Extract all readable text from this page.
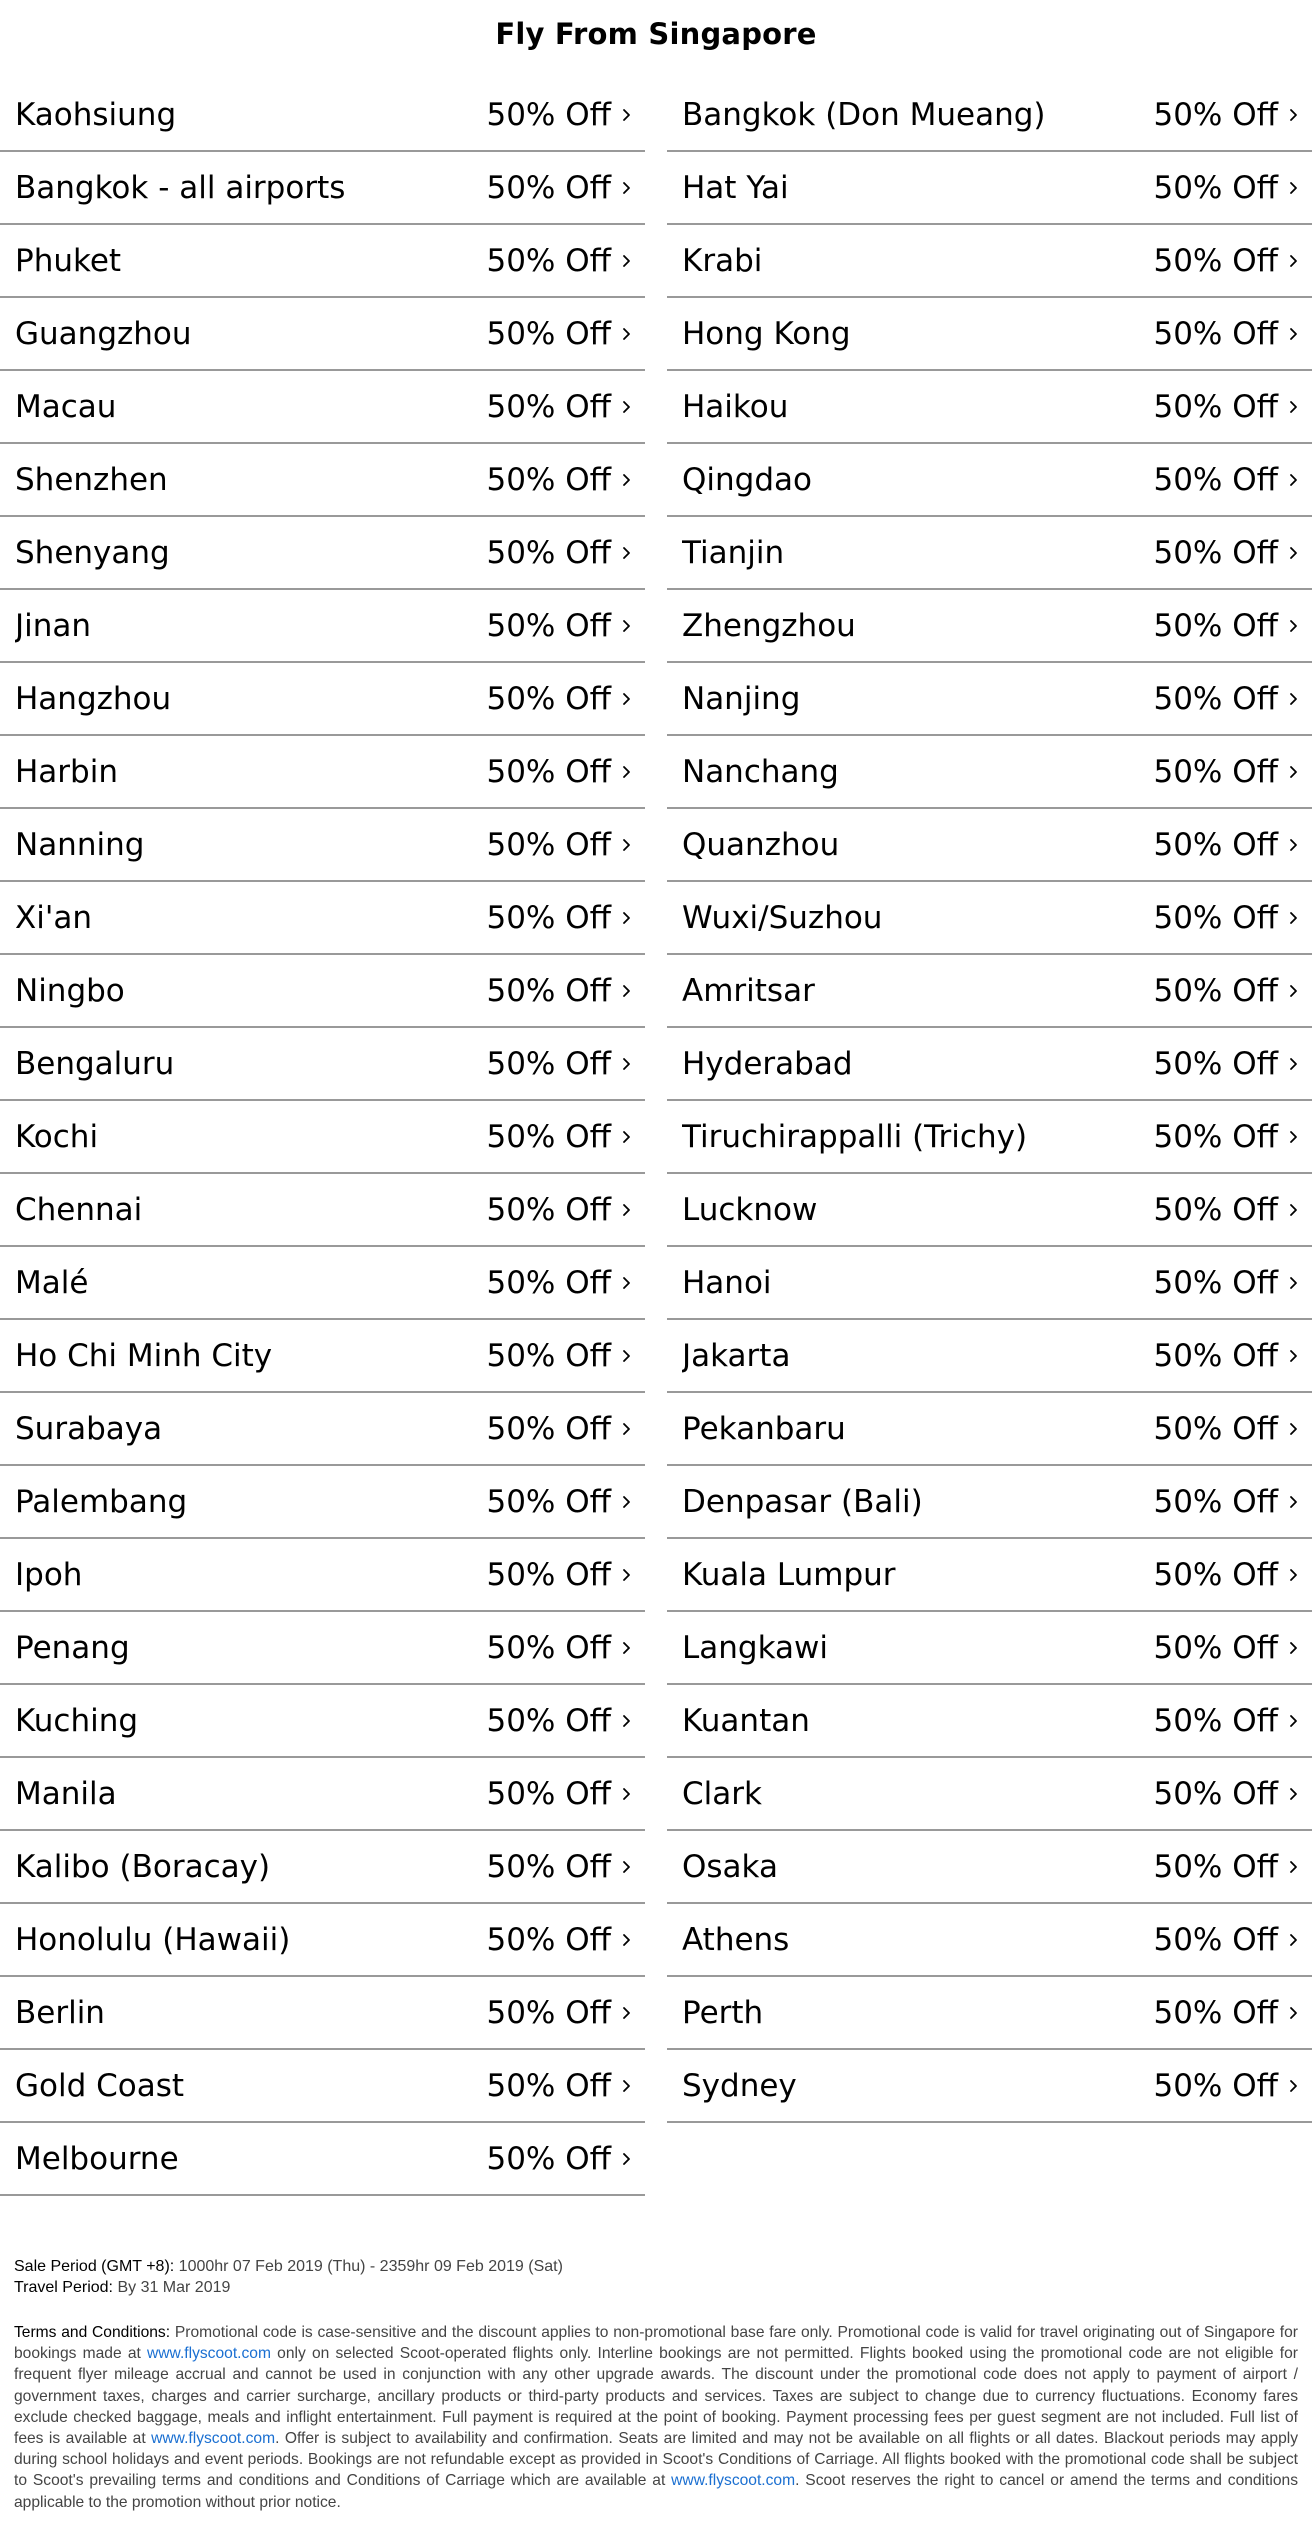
Fly From Singapore
Kaohsiung	50% Off Bangkok (Don Mueang)	50% Off
Bangkok - all airports	50% Off Hat Yai	50% Off
Phuket	50% Off Krabi	50% Off
Guangzhou	50% Off Hong Kong	50% Off
Macau	50% Off Haikou	50% Off
Shenzhen	50% Off Qingdao	50% Off
Shenyang	50% Off Tianjin	50% Off
Jinan	50% Off Zhengzhou	50% Off
Hangzhou	50% Off Nanjing	50% Off
Harbin	50% Off Nanchang	50% Off
Nanning	50% Off Quanzhou	50% Off
Xi'an	50% Off Wuxi/Suzhou	50% Off
Ningbo	50% Off Amritsar	50% Off
Bengaluru	50% Off Hyderabad	50% Off
Kochi	50% Off Tiruchirappalli (Trichy)	50% Off
Chennai	50% Off Lucknow	50% Off
Malé	50% Off Hanoi	50% Off
Ho Chi Minh City	50% Off Jakarta	50% Off
Surabaya	50% Off Pekanbaru	50% Off
Palembang	50% Off Denpasar (Bali)	50% Off
Ipoh	50% Off Kuala Lumpur	50% Off
Penang	50% Off Langkawi	50% Off
Kuching	50% Off Kuantan	50% Off
Manila	50% Off Clark	50% Off
Kalibo (Boracay)	50% Off Osaka	50% Off
Honolulu (Hawaii)	50% Off Athens	50% Off
Berlin	50% Off Perth	50% Off
Gold Coast	50% Off Sydney	50% Off
Melbourne	50% Off
Sale Period (GMT +8): 1000hr 07 Feb 2019 (Thu) - 2359hr 09 Feb 2019 (Sat)
Travel Period: By 31 Mar 2019
Terms and Conditions: Promotional code is case-sensitive and the discount applies to non-promotional base fare only. Promotional code is valid for travel originating out of Singapore for bookings made at www.flyscoot.com only on selected Scoot-operated flights only. Interline bookings are not permitted. Flights booked using the promotional code are not eligible for frequent flyer mileage accrual and cannot be used in conjunction with any other upgrade awards. The discount under the promotional code does not apply to payment of airport / government taxes, charges and carrier surcharge, ancillary products or third-party products and services. Taxes are subject to change due to currency fluctuations. Economy fares exclude checked baggage, meals and inflight entertainment. Full payment is required at the point of booking. Payment processing fees per guest segment are not included. Full list of fees is available at www.flyscoot.com. Offer is subject to availability and confirmation. Seats are limited and may not be available on all flights or all dates. Blackout periods may apply during school holidays and event periods. Bookings are not refundable except as provided in Scoot's Conditions of Carriage. All flights booked with the promotional code shall be subject to Scoot's prevailing terms and conditions and Conditions of Carriage which are available at www.flyscoot.com. Scoot reserves the right to cancel or amend the terms and conditions applicable to the promotion without prior notice.
